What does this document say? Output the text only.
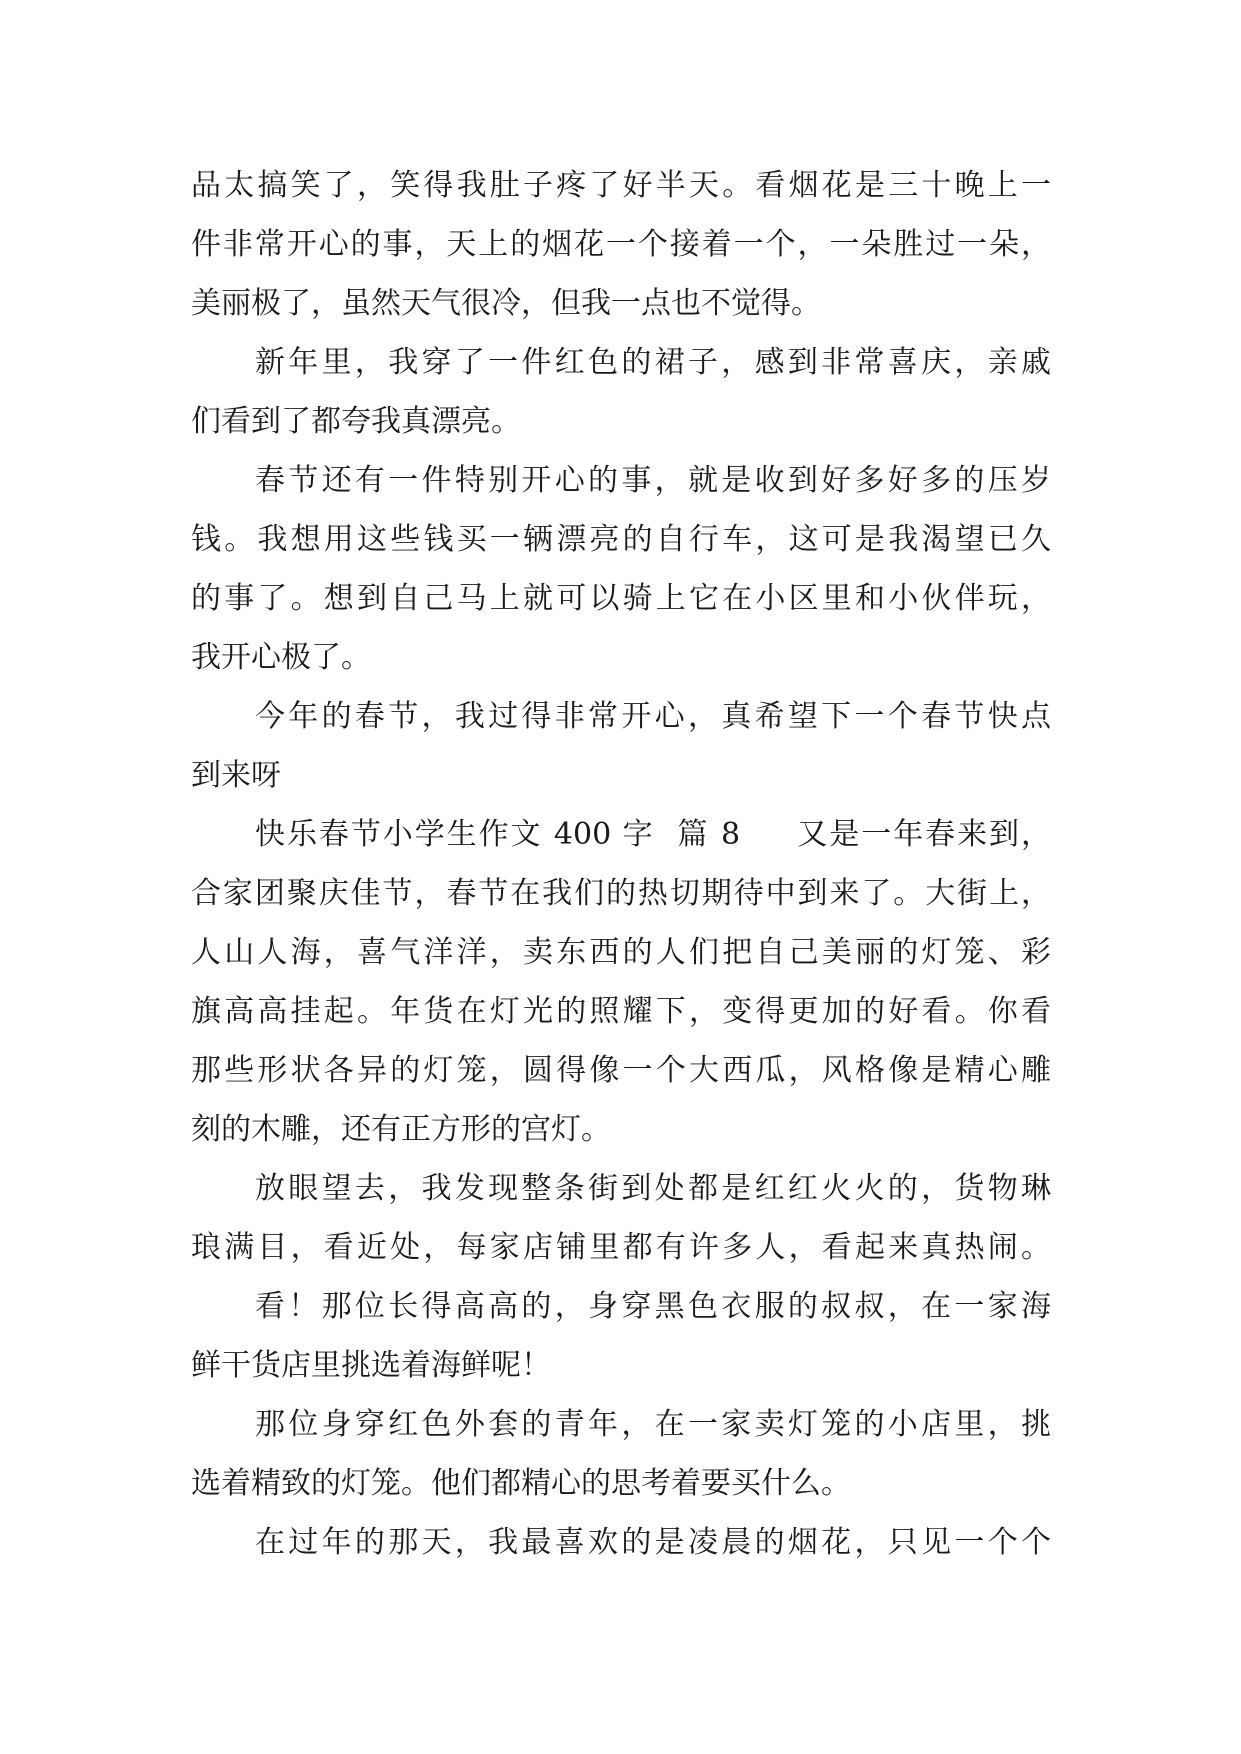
品太搞笑了，笑得我肚子疼了好半天。看烟花是三十晚上一
件非常开心的事，天上的烟花一个接着一个，一朵胜过一朵，
美丽极了，虽然天气很冷，但我一点也不觉得。
新年里，我穿了一件红色的裙子，感到非常喜庆，亲戚
们看到了都夸我真漂亮。
春节还有一件特别开心的事，就是收到好多好多的压岁
钱。我想用这些钱买一辆漂亮的自行车，这可是我渴望已久
的事了。想到自己马上就可以骑上它在小区里和小伙伴玩，
我开心极了。
今年的春节，我过得非常开心，真希望下一个春节快点
到来呀
快乐春节小学生作文 400 字  篇 8     又是一年春来到，
合家团聚庆佳节，春节在我们的热切期待中到来了。大街上，
人山人海，喜气洋洋，卖东西的人们把自己美丽的灯笼、彩
旗高高挂起。年货在灯光的照耀下，变得更加的好看。你看
那些形状各异的灯笼，圆得像一个大西瓜，风格像是精心雕
刻的木雕，还有正方形的宫灯。
放眼望去，我发现整条街到处都是红红火火的，货物琳
琅满目，看近处，每家店铺里都有许多人，看起来真热闹。
看！那位长得高高的，身穿黑色衣服的叔叔，在一家海
鲜干货店里挑选着海鲜呢！
那位身穿红色外套的青年，在一家卖灯笼的小店里，挑
选着精致的灯笼。他们都精心的思考着要买什么。
在过年的那天，我最喜欢的是凌晨的烟花，只见一个个
